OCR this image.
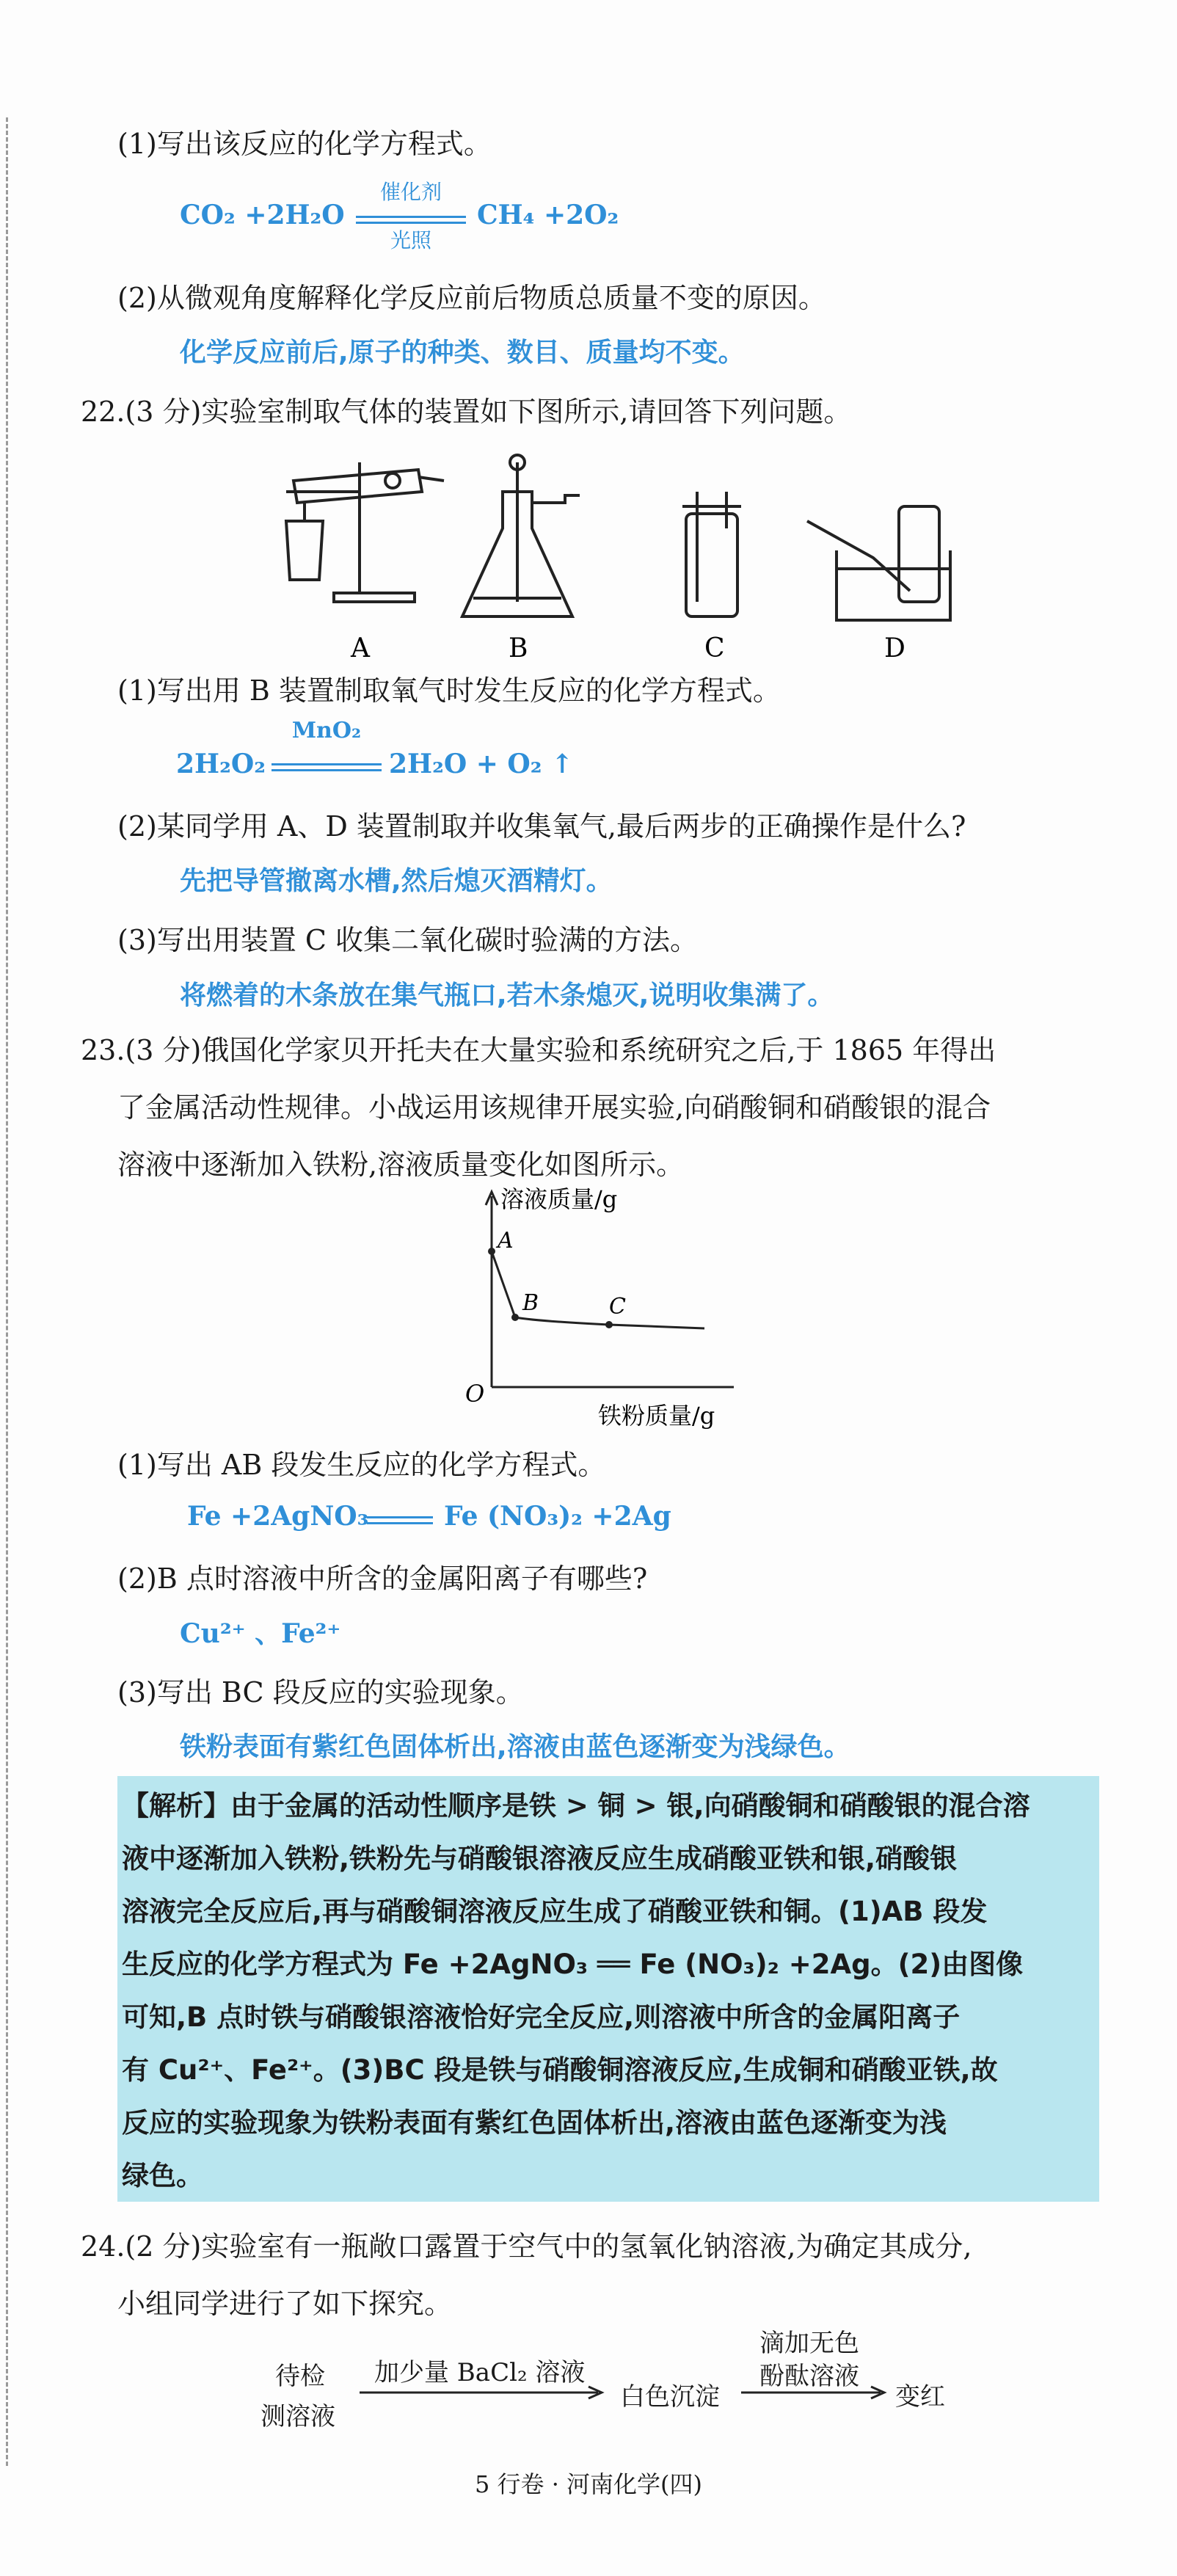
(1)写出该反应的化学方程式。
CO₂ +2H₂O
催化剂
光照
CH₄ +2O₂
(2)从微观角度解释化学反应前后物质总质量不变的原因。
化学反应前后,原子的种类、数目、质量均不变。
22.(3 分)实验室制取气体的装置如下图所示,请回答下列问题。
A	B	C	D
(1)写出用 B 装置制取氧气时发生反应的化学方程式。
2H₂O₂
MnO₂
2H₂O + O₂ ↑
(2)某同学用 A、D 装置制取并收集氧气,最后两步的正确操作是什么?
先把导管撤离水槽,然后熄灭酒精灯。
(3)写出用装置 C 收集二氧化碳时验满的方法。
将燃着的木条放在集气瓶口,若木条熄灭,说明收集满了。
23.(3 分)俄国化学家贝开托夫在大量实验和系统研究之后,于 1865 年得出
了金属活动性规律。小战运用该规律开展实验,向硝酸铜和硝酸银的混合
溶液中逐渐加入铁粉,溶液质量变化如图所示。
溶液质量/g
A
B	C
O
铁粉质量/g
(1)写出 AB 段发生反应的化学方程式。
Fe +2AgNO₃	Fe (NO₃)₂ +2Ag
(2)B 点时溶液中所含的金属阳离子有哪些?
Cu²⁺ 、Fe²⁺
(3)写出 BC 段反应的实验现象。
铁粉表面有紫红色固体析出,溶液由蓝色逐渐变为浅绿色。
【解析】由于金属的活动性顺序是铁 > 铜 > 银,向硝酸铜和硝酸银的混合溶
液中逐渐加入铁粉,铁粉先与硝酸银溶液反应生成硝酸亚铁和银,硝酸银
溶液完全反应后,再与硝酸铜溶液反应生成了硝酸亚铁和铜。(1)AB 段发
生反应的化学方程式为 Fe +2AgNO₃ ══ Fe (NO₃)₂ +2Ag。(2)由图像
可知,B 点时铁与硝酸银溶液恰好完全反应,则溶液中所含的金属阳离子
有 Cu²⁺、Fe²⁺。(3)BC 段是铁与硝酸铜溶液反应,生成铜和硝酸亚铁,故
反应的实验现象为铁粉表面有紫红色固体析出,溶液由蓝色逐渐变为浅
绿色。
24.(2 分)实验室有一瓶敞口露置于空气中的氢氧化钠溶液,为确定其成分,
小组同学进行了如下探究。
待检
测溶液
加少量 BaCl₂ 溶液
白色沉淀
滴加无色
酚酞溶液
变红
5 行卷 · 河南化学(四)
